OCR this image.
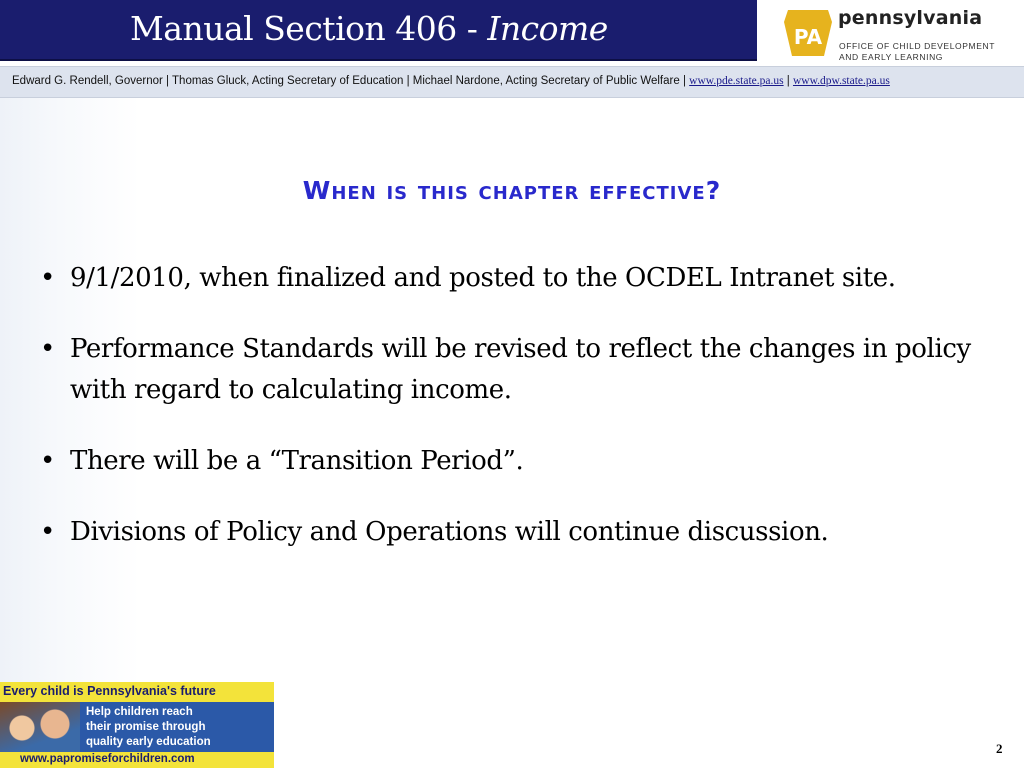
Manual Section 406 - Income	PA
pennsylvania
OFFICE OF CHILD DEVELOPMENT
AND EARLY LEARNING
Edward G. Rendell, Governor | Thomas Gluck, Acting Secretary of Education | Michael Nardone, Acting Secretary of Public Welfare | www.pde.state.pa.us | www.dpw.state.pa.us
When is this chapter effective?
• 9/1/2010, when finalized and posted to the OCDEL Intranet site.
• Performance Standards will be revised to reflect the changes in policy with regard to calculating income.
• There will be a “Transition Period”.
• Divisions of Policy and Operations will continue discussion.
Every child is Pennsylvania's future
Help children reach
their promise through
quality early education
www.papromiseforchildren.com
2
